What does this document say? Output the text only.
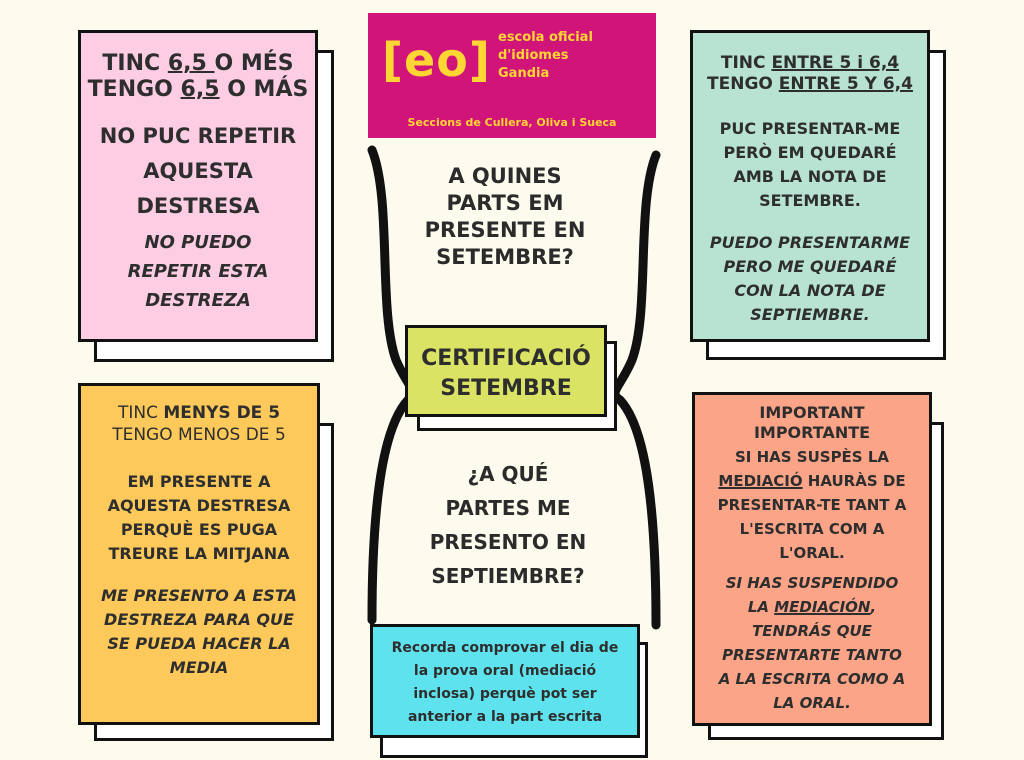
[eo] escola oficial
d'idiomes
Gandia
Seccions de Cullera, Oliva i Sueca
TINC 6,5 O MÉS
TENGO 6,5 O MÁS
NO PUC REPETIR
AQUESTA
DESTRESA
NO PUEDO
REPETIR ESTA
DESTREZA
TINC ENTRE 5 i 6,4
TENGO ENTRE 5 Y 6,4
PUC PRESENTAR-ME
PERÒ EM QUEDARÉ
AMB LA NOTA DE
SETEMBRE.
PUEDO PRESENTARME
PERO ME QUEDARÉ
CON LA NOTA DE
SEPTIEMBRE.
TINC MENYS DE 5
TENGO MENOS DE 5
EM PRESENTE A
AQUESTA DESTRESA
PERQUÈ ES PUGA
TREURE LA MITJANA
ME PRESENTO A ESTA
DESTREZA PARA QUE
SE PUEDA HACER LA
MEDIA
IMPORTANT
IMPORTANTE
SI HAS SUSPÈS LA
MEDIACIÓ HAURÀS DE
PRESENTAR-TE TANT A
L'ESCRITA COM A
L'ORAL.
SI HAS SUSPENDIDO
LA MEDIACIÓN,
TENDRÁS QUE
PRESENTARTE TANTO
A LA ESCRITA COMO A
LA ORAL.
A QUINES
PARTS EM
PRESENTE EN
SETEMBRE?
CERTIFICACIÓ
SETEMBRE
¿A QUÉ
PARTES ME
PRESENTO EN
SEPTIEMBRE?
Recorda comprovar el dia de
la prova oral (mediació
inclosa) perquè pot ser
anterior a la part escrita
